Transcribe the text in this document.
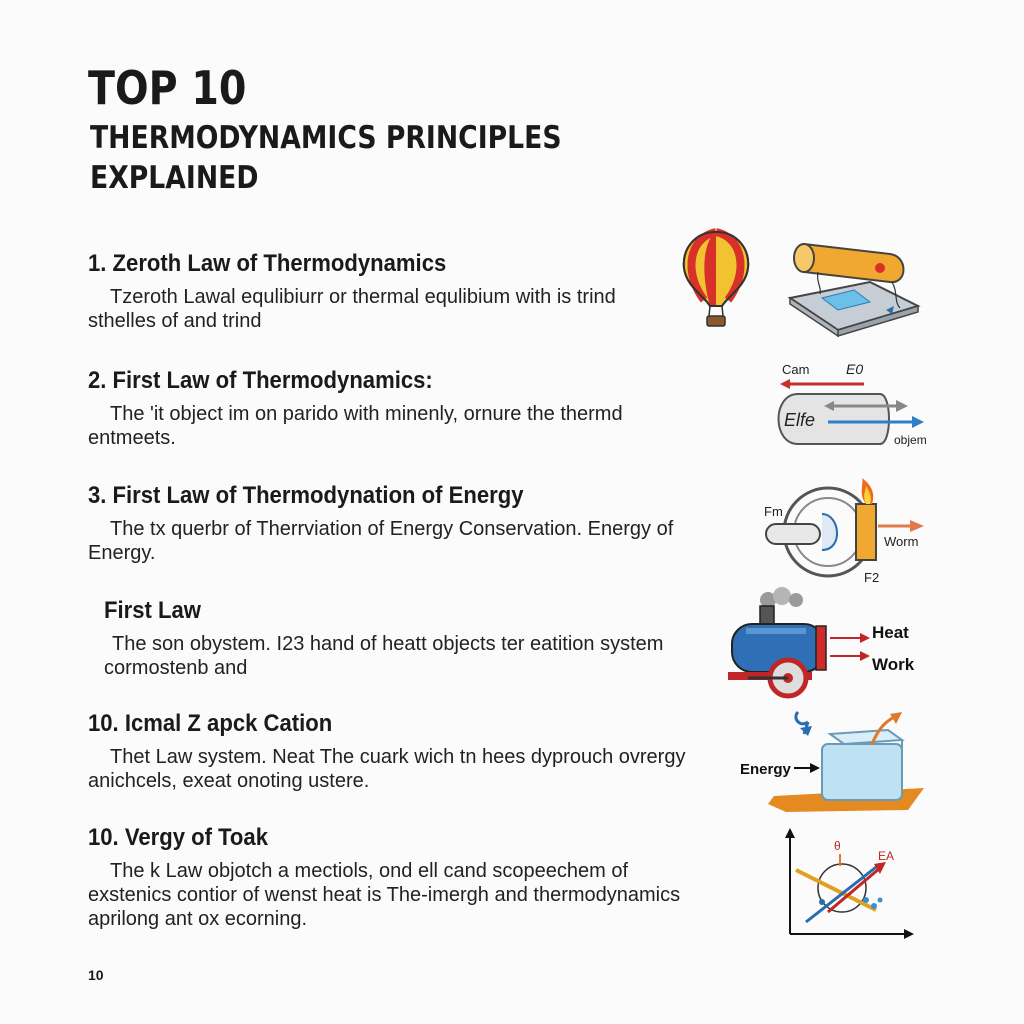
TOP 10
THERMODYNAMICS PRINCIPLES EXPLAINED
1. Zeroth Law of Thermodynamics

Tzeroth Lawal equlibiurr or thermal equlibium with is trind sthelles of and trind

2. First Law of Thermodynamics:

The 'it object im on parido with minenly, ornure the thermd entmeets.

3. First Law of Thermodynation of Energy

The tx querbr of Therrviation of Energy Conservation. Energy of Energy.

First Law

The son obystem. I23 hand of heatt objects ter eatition system cormostenb and

10. Icmal Z apck Cation

Thet Law system. Neat The cuark wich tn hees dyprouch ovrergy anichcels, exeat onoting ustere.

10. Vergy of Toak

The k Law objotch a mectiols, ond ell cand scopeechem of exstenics contior of wenst heat is The-imergh and thermodynamics aprilong ant ox ecorning.

Cam	E0
Elfe
objem
Fm
Worm
F2
Heat
Work
Energy
θ
EA
10
